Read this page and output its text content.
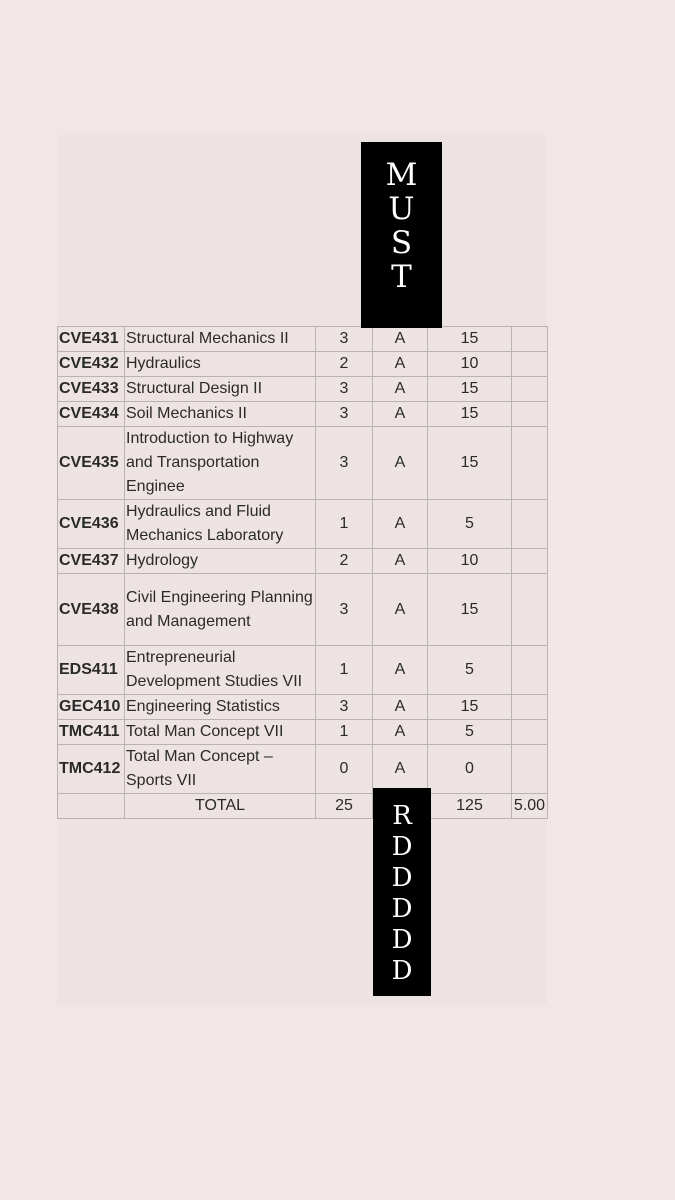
CVE431	Structural Mechanics II	3	A	15	
CVE432	Hydraulics	2	A	10	
CVE433	Structural Design II	3	A	15	
CVE434	Soil Mechanics II	3	A	15	
CVE435	Introduction to Highway and Transportation Enginee	3	A	15	
CVE436	Hydraulics and Fluid Mechanics Laboratory	1	A	5	
CVE437	Hydrology	2	A	10	
CVE438	Civil Engineering Planning and Management	3	A	15	
EDS411	Entrepreneurial Development Studies VII	1	A	5	
GEC410	Engineering Statistics	3	A	15	
TMC411	Total Man Concept VII	1	A	5	
TMC412	Total Man Concept –Sports VII	0	A	0	
	TOTAL	25		125	5.00
M
U
S
T
R
D
D
D
D
D
